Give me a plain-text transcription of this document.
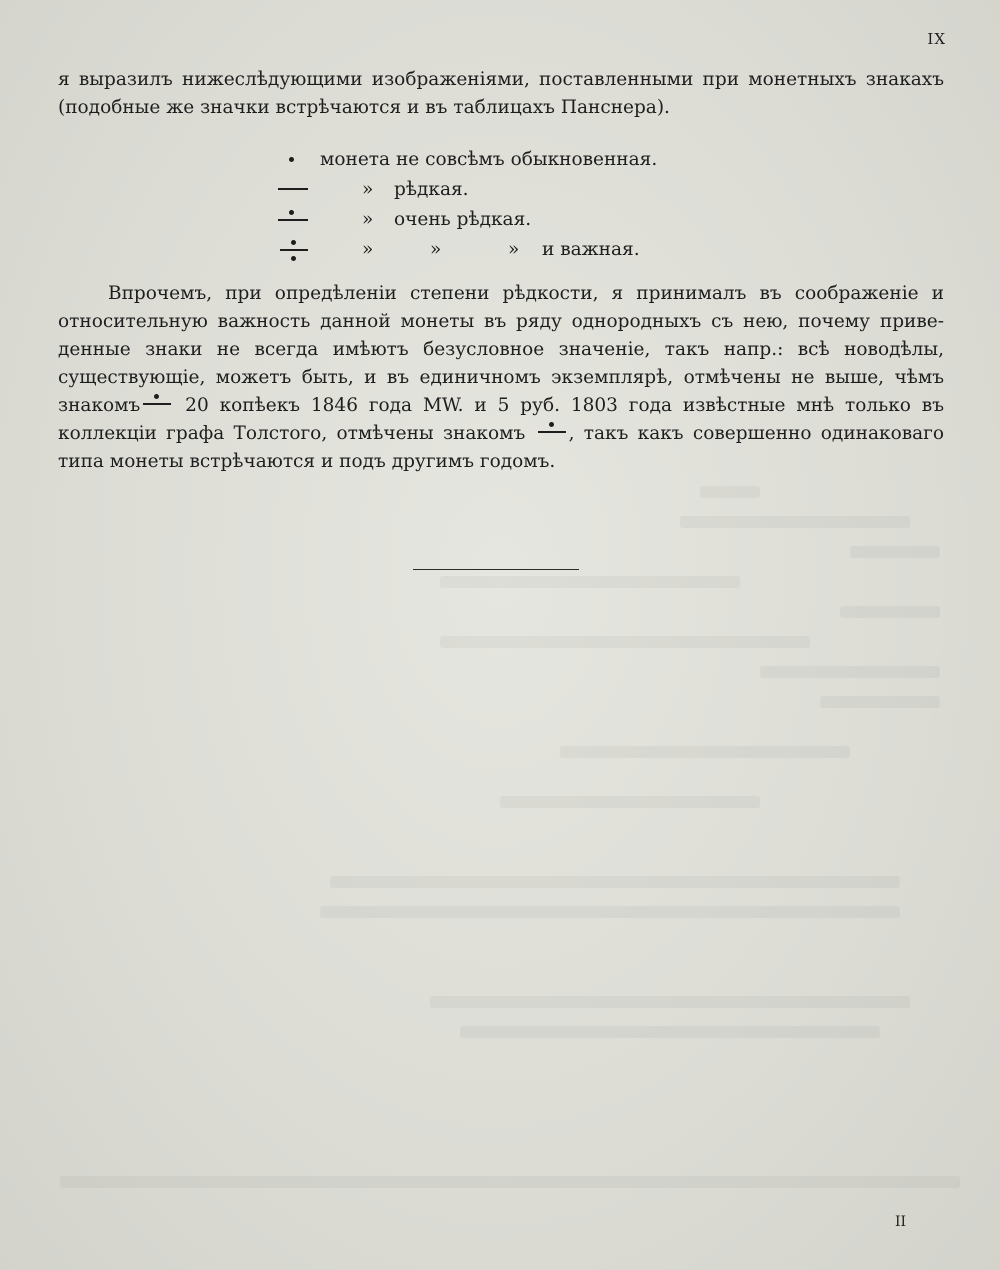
IX
я выразилъ нижеслѣдующими изображеніями, поставленными при монетныхъ знакахъ
(подобные же значки встрѣчаются и въ таблицахъ Панснера).
монета не совсѣмъ обыкновенная.
» рѣдкая.
» очень рѣдкая.
»	»	» и важная.
Впрочемъ, при опредѣленіи степени рѣдкости, я принималъ въ соображеніе и
относительную важность данной монеты въ ряду однородныхъ съ нею, почему приве-
денные знаки не всегда имѣютъ безусловное значеніе, такъ напр.: всѣ новодѣлы,
существующіе, можетъ быть, и въ единичномъ экземплярѣ, отмѣчены не выше, чѣмъ
знакомъ 20 копѣекъ 1846 года MW. и 5 руб. 1803 года извѣстные мнѣ только въ
коллекціи графа Толстого, отмѣчены знакомъ , такъ какъ совершенно одинаковаго
типа монеты встрѣчаются и подъ другимъ годомъ.
II
